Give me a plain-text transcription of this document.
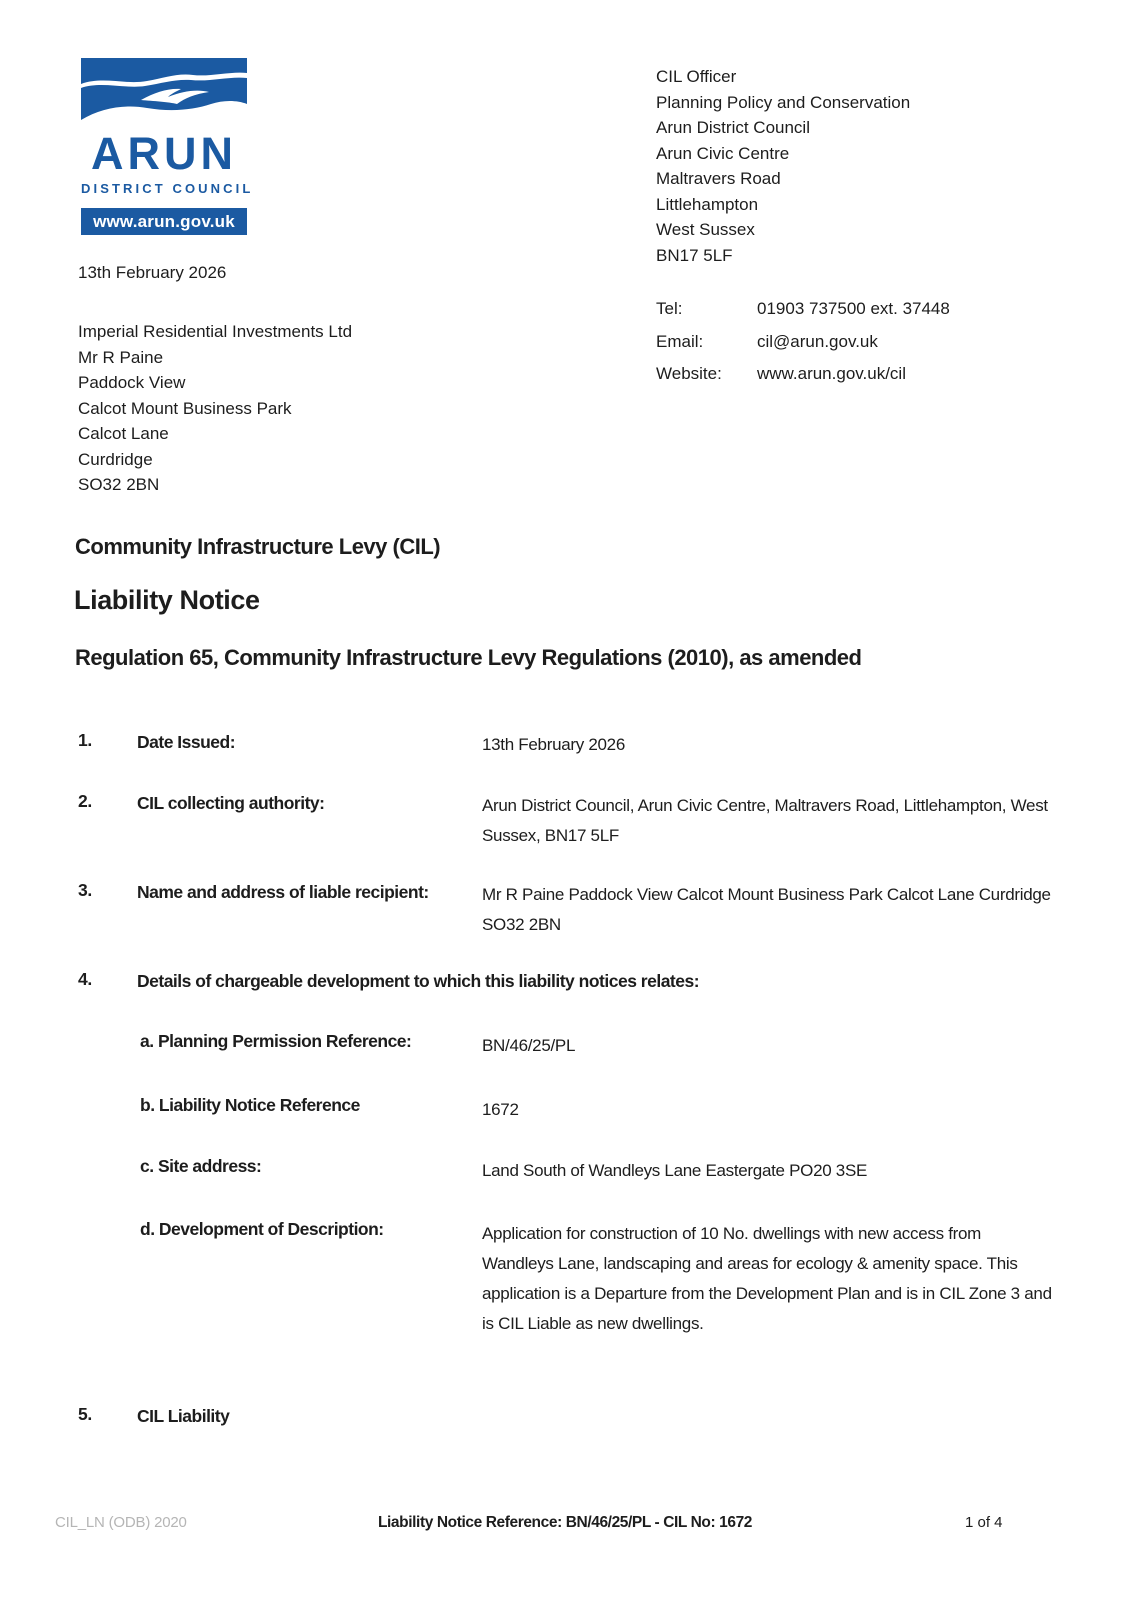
ARUN
DISTRICT COUNCIL
www.arun.gov.uk
CIL Officer
Planning Policy and Conservation
Arun District Council
Arun Civic Centre
Maltravers Road
Littlehampton
West Sussex
BN17 5LF
Tel:	01903 737500 ext. 37448
Email:	cil@arun.gov.uk
Website: www.arun.gov.uk/cil
13th February 2026
Imperial Residential Investments Ltd
Mr R Paine
Paddock View
Calcot Mount Business Park
Calcot Lane
Curdridge
SO32 2BN
Community Infrastructure Levy (CIL)
Liability Notice
Regulation 65, Community Infrastructure Levy Regulations (2010), as amended
1.	Date Issued:	13th February 2026
2.	CIL collecting authority:	Arun District Council, Arun Civic Centre, Maltravers Road, Littlehampton, West Sussex, BN17 5LF
3.	Name and address of liable recipient:	Mr R Paine Paddock View Calcot Mount Business Park Calcot Lane Curdridge SO32 2BN
4.	Details of chargeable development to which this liability notices relates:
a. Planning Permission Reference:	BN/46/25/PL
b. Liability Notice Reference	1672
c. Site address:	Land South of Wandleys Lane Eastergate PO20 3SE
d. Development of Description:	Application for construction of 10 No. dwellings with new access from Wandleys Lane, landscaping and areas for ecology & amenity space. This application is a Departure from the Development Plan and is in CIL Zone 3 and is CIL Liable as new dwellings.
5.	CIL Liability
CIL_LN (ODB) 2020	Liability Notice Reference: BN/46/25/PL - CIL No: 1672	1 of 4
